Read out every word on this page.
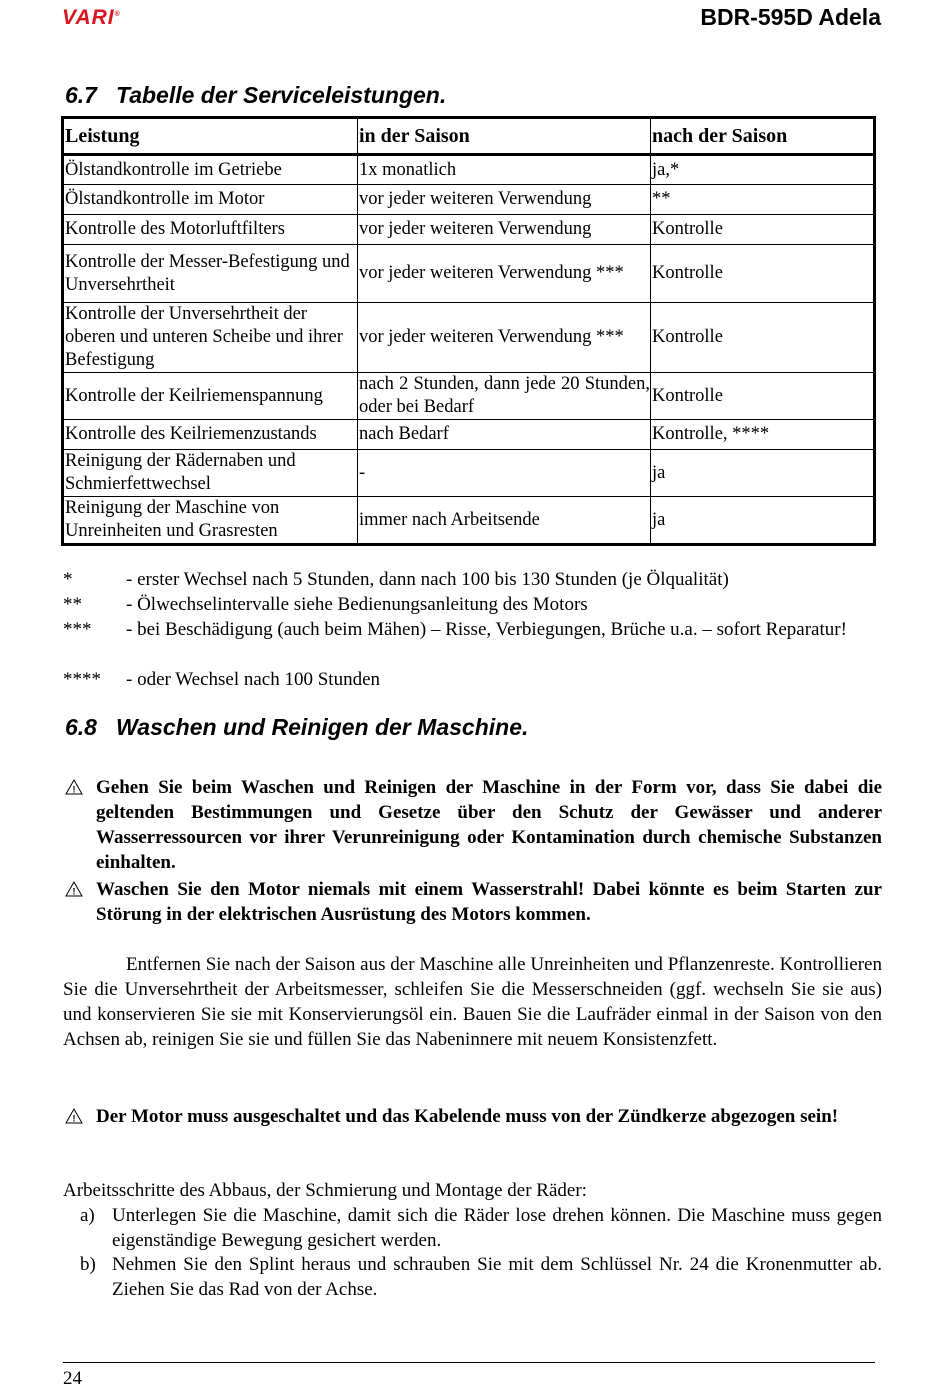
VARI®	BDR-595D Adela
6.7 Tabelle der Serviceleistungen.
Leistung	in der Saison	nach der Saison
Ölstandkontrolle im Getriebe	1x monatlich	ja,*
Ölstandkontrolle im Motor	vor jeder weiteren Verwendung	**
Kontrolle des Motorluftfilters	vor jeder weiteren Verwendung	Kontrolle
Kontrolle der Messer-Befestigung und Unversehrtheit	vor jeder weiteren Verwendung ***	Kontrolle
Kontrolle der Unversehrtheit der oberen und unteren Scheibe und ihrer Befestigung	vor jeder weiteren Verwendung ***	Kontrolle
Kontrolle der Keilriemenspannung	nach 2 Stunden, dann jede 20 Stunden, oder bei Bedarf	Kontrolle
Kontrolle des Keilriemenzustands	nach Bedarf	Kontrolle, ****
Reinigung der Rädernaben und Schmierfettwechsel	-	ja
Reinigung der Maschine von Unreinheiten und Grasresten	immer nach Arbeitsende	ja
*	- erster Wechsel nach 5 Stunden, dann nach 100 bis 130 Stunden (je Ölqualität)
** - Ölwechselintervalle siehe Bedienungsanleitung des Motors
*** - bei Beschädigung (auch beim Mähen) – Risse, Verbiegungen, Brüche u.a. – sofort Reparatur!
**** - oder Wechsel nach 100 Stunden
6.8 Waschen und Reinigen der Maschine.
! Gehen Sie beim Waschen und Reinigen der Maschine in der Form vor, dass Sie dabei die geltenden Bestimmungen und Gesetze über den Schutz der Gewässer und anderer Wasserressourcen vor ihrer Verunreinigung oder Kontamination durch chemische Substanzen einhalten.
! Waschen Sie den Motor niemals mit einem Wasserstrahl! Dabei könnte es beim Starten zur Störung in der elektrischen Ausrüstung des Motors kommen.
Entfernen Sie nach der Saison aus der Maschine alle Unreinheiten und Pflanzenreste. Kontrollieren Sie die Unversehrtheit der Arbeitsmesser, schleifen Sie die Messerschneiden (ggf. wechseln Sie sie aus) und konservieren Sie sie mit Konservierungsöl ein. Bauen Sie die Laufräder einmal in der Saison von den Achsen ab, reinigen Sie sie und füllen Sie das Nabeninnere mit neuem Konsistenzfett.
! Der Motor muss ausgeschaltet und das Kabelende muss von der Zündkerze abgezogen sein!
Arbeitsschritte des Abbaus, der Schmierung und Montage der Räder:
a) Unterlegen Sie die Maschine, damit sich die Räder lose drehen können. Die Maschine muss gegen eigenständige Bewegung gesichert werden.
b) Nehmen Sie den Splint heraus und schrauben Sie mit dem Schlüssel Nr. 24 die Kronenmutter ab. Ziehen Sie das Rad von der Achse.
24
